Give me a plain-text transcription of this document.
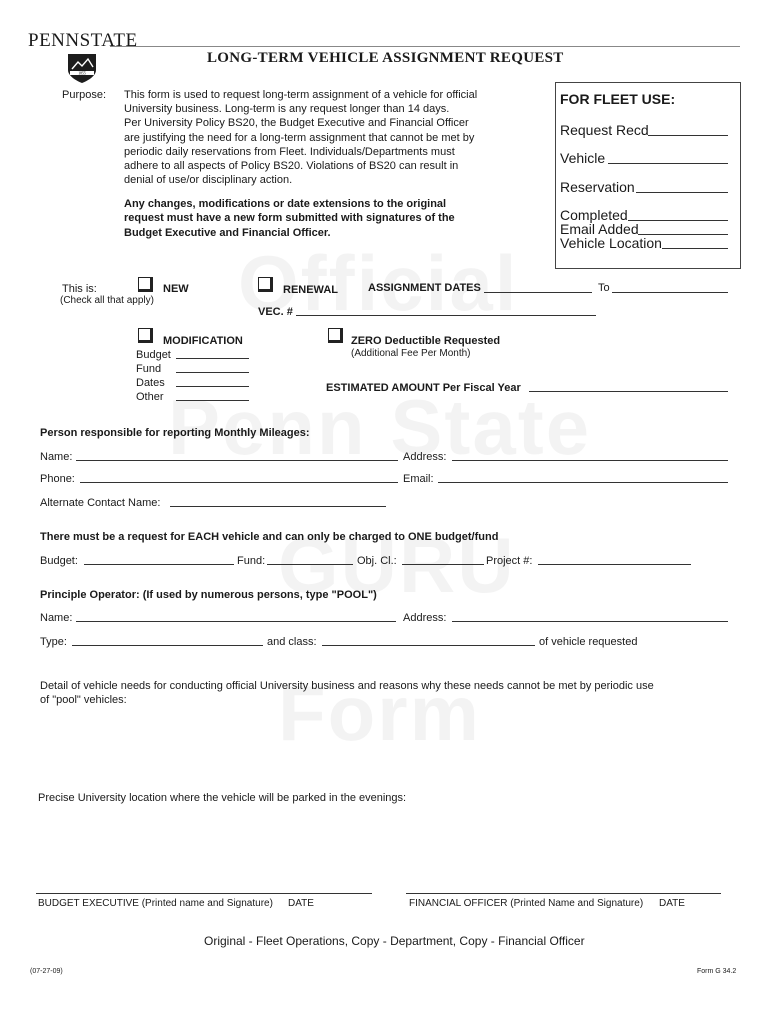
PENNSTATE
1855
LONG-TERM VEHICLE ASSIGNMENT REQUEST
Purpose: This form is used to request long-term assignment of a vehicle for official
University business. Long-term is any request longer than 14 days.
Per University Policy BS20, the Budget Executive and Financial Officer
are justifying the need for a long-term assignment that cannot be met by
periodic daily reservations from Fleet. Individuals/Departments must
adhere to all aspects of Policy BS20. Violations of BS20 can result in
denial of use/or disciplinary action.
Any changes, modifications or date extensions to the original
request must have a new form submitted with signatures of the
Budget Executive and Financial Officer.
FOR FLEET USE:
Request Recd
Vehicle
Reservation
Completed
Email Added
Vehicle Location
This is:
(Check all that apply)
NEW	RENEWAL	ASSIGNMENT DATES	To
VEC. #
MODIFICATION	ZERO Deductible Requested
(Additional Fee Per Month)
Budget
Fund
Dates
Other
ESTIMATED AMOUNT Per Fiscal Year
Person responsible for reporting Monthly Mileages:
Name:	Address:
Phone:	Email:
Alternate Contact Name:
There must be a request for EACH vehicle and can only be charged to ONE budget/fund
Budget:	Fund:	Obj. Cl.:	Project #:
Principle Operator: (If used by numerous persons, type "POOL")
Name:	Address:
Type:	and class:	of vehicle requested
Detail of vehicle needs for conducting official University business and reasons why these needs cannot be met by periodic use
of "pool" vehicles:
Precise University location where the vehicle will be parked in the evenings:
BUDGET EXECUTIVE (Printed name and Signature) DATE	FINANCIAL OFFICER (Printed Name and Signature) DATE
Original - Fleet Operations, Copy - Department, Copy - Financial Officer
(07-27-09)	Form G 34.2
